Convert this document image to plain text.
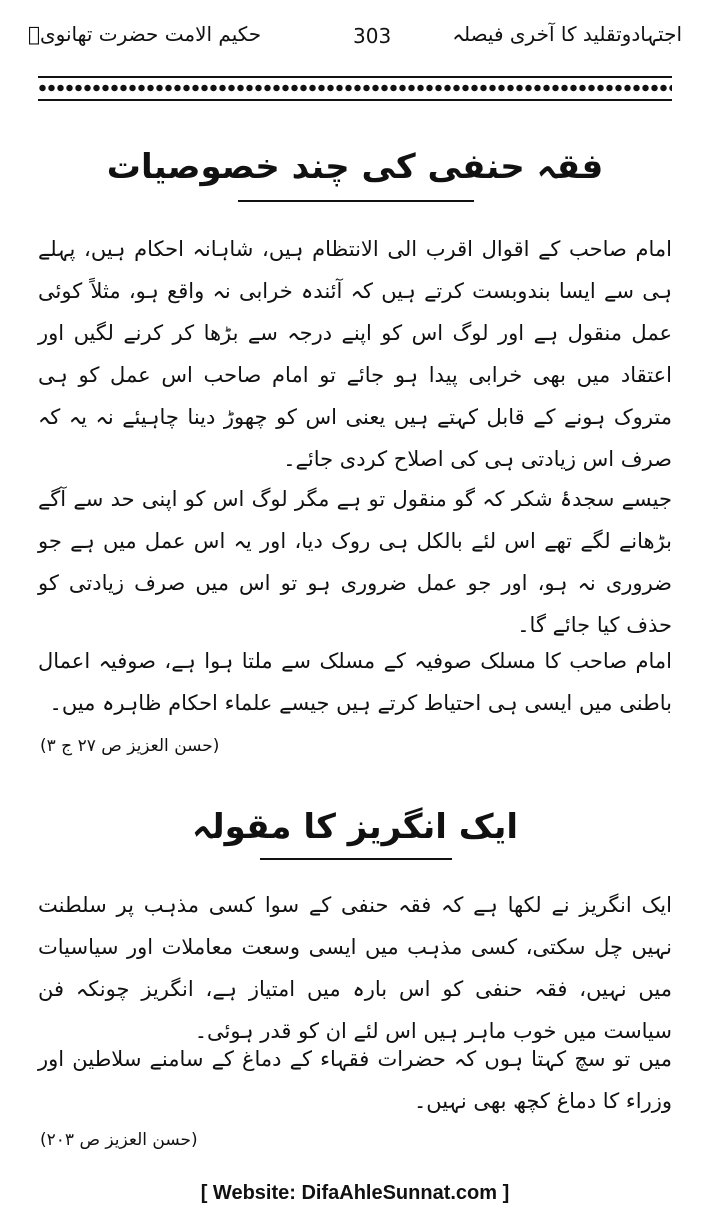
حکیم الامت حضرت تھانویؒ	303	اجتہادوتقلید کا آخری فیصلہ
فقہ حنفی کی چند خصوصیات

امام صاحب کے اقوال اقرب الی الانتظام ہیں، شاہانہ احکام ہیں، پہلے ہی سے ایسا بندوبست کرتے ہیں کہ آئندہ خرابی نہ واقع ہو، مثلاً کوئی عمل منقول ہے اور لوگ اس کو اپنے درجہ سے بڑھا کر کرنے لگیں اور اعتقاد میں بھی خرابی پیدا ہو جائے تو امام صاحب اس عمل کو ہی متروک ہونے کے قابل کہتے ہیں یعنی اس کو چھوڑ دینا چاہیئے نہ یہ کہ صرف اس زیادتی ہی کی اصلاح کردی جائے۔

جیسے سجدۂ شکر کہ گو منقول تو ہے مگر لوگ اس کو اپنی حد سے آگے بڑھانے لگے تھے اس لئے بالکل ہی روک دیا، اور یہ اس عمل میں ہے جو ضروری نہ ہو، اور جو عمل ضروری ہو تو اس میں صرف زیادتی کو حذف کیا جائے گا۔

امام صاحب کا مسلک صوفیہ کے مسلک سے ملتا ہوا ہے، صوفیہ اعمال باطنی میں ایسی ہی احتیاط کرتے ہیں جیسے علماء احکام ظاہرہ میں۔

(حسن العزیز ص ۲۷ ج ۳)
ایک انگریز کا مقولہ

ایک انگریز نے لکھا ہے کہ فقہ حنفی کے سوا کسی مذہب پر سلطنت نہیں چل سکتی، کسی مذہب میں ایسی وسعت معاملات اور سیاسیات میں نہیں، فقہ حنفی کو اس بارہ میں امتیاز ہے، انگریز چونکہ فن سیاست میں خوب ماہر ہیں اس لئے ان کو قدر ہوئی۔

میں تو سچ کہتا ہوں کہ حضرات فقہاء کے دماغ کے سامنے سلاطین اور وزراء کا دماغ کچھ بھی نہیں۔

(حسن العزیز ص ۲۰۳)
[ Website: DifaAhleSunnat.com ]
